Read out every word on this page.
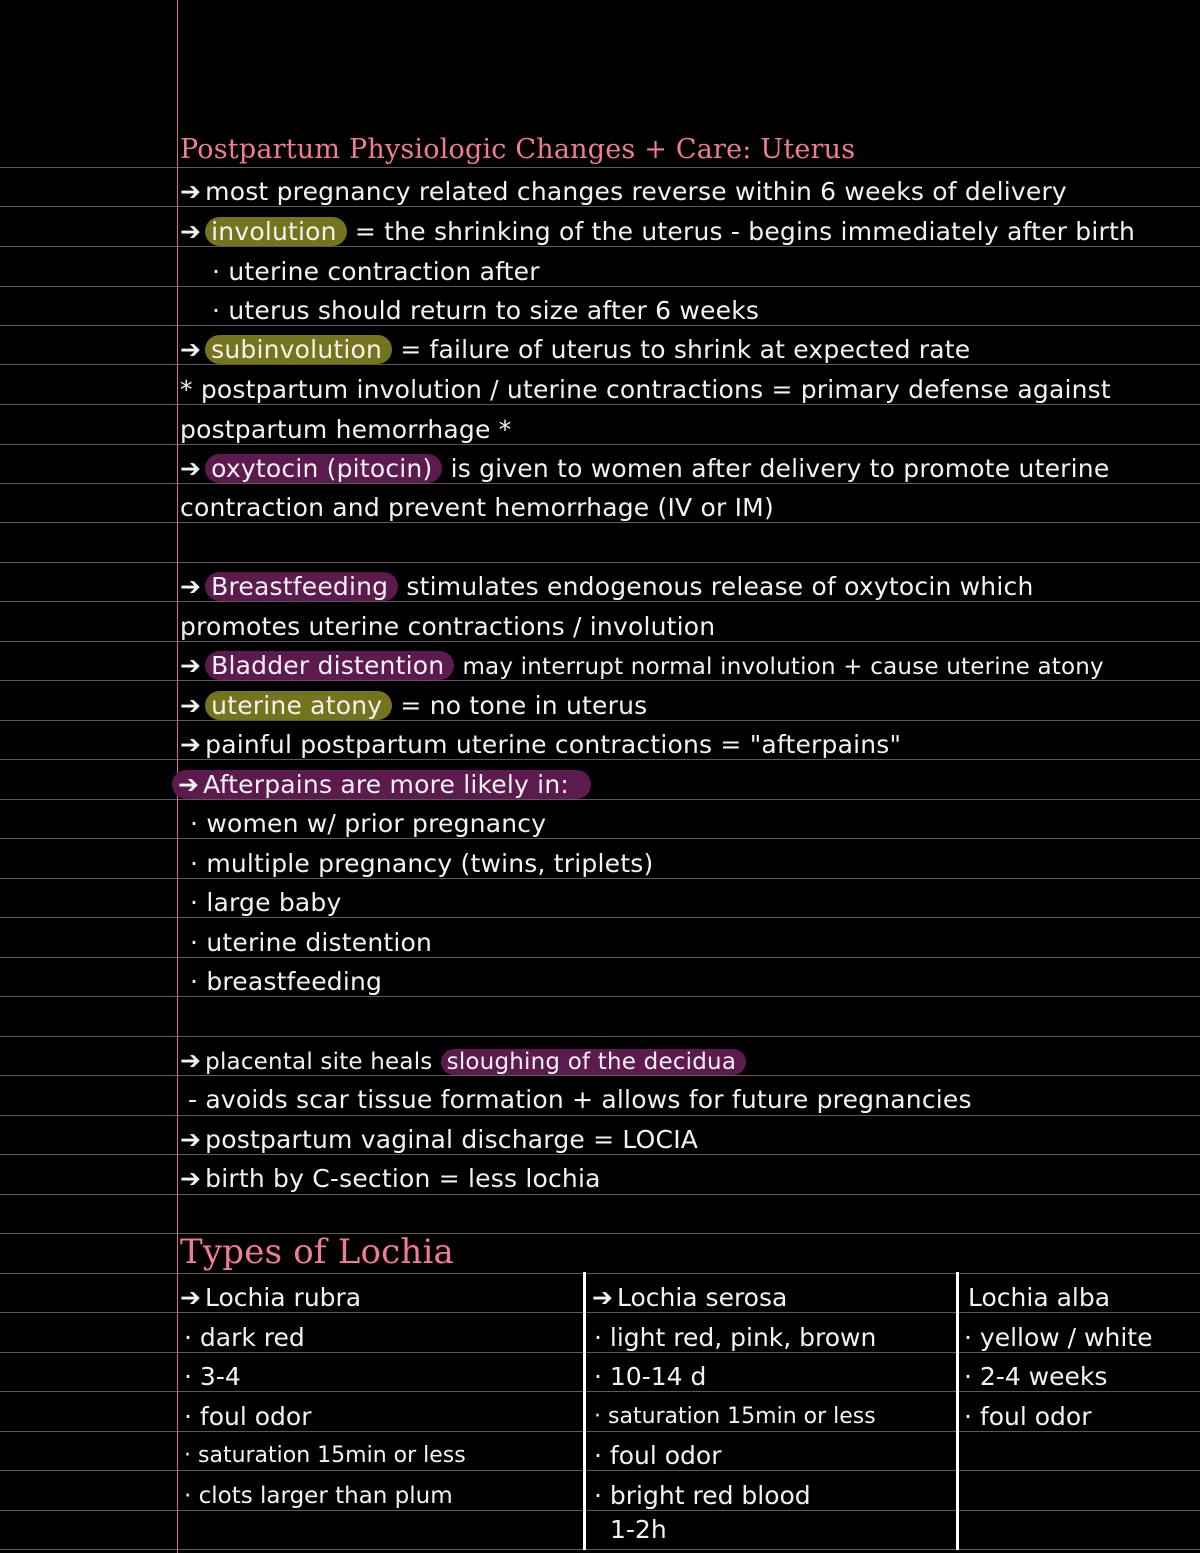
Postpartum Physiologic Changes + Care: Uterus
➔ most pregnancy related changes reverse within 6 weeks of delivery
➔ involution = the shrinking of the uterus - begins immediately after birth
· uterine contraction after
· uterus should return to size after 6 weeks
➔ subinvolution = failure of uterus to shrink at expected rate
* postpartum involution / uterine contractions = primary defense against
postpartum hemorrhage *
➔ oxytocin (pitocin) is given to women after delivery to promote uterine
contraction and prevent hemorrhage (IV or IM)
➔ Breastfeeding stimulates endogenous release of oxytocin which
promotes uterine contractions / involution
➔ Bladder distention may interrupt normal involution + cause uterine atony
➔ uterine atony = no tone in uterus
➔ painful postpartum uterine contractions = "afterpains"
➔ Afterpains are more likely in:
· women w/ prior pregnancy
· multiple pregnancy (twins, triplets)
· large baby
· uterine distention
· breastfeeding
➔ placental site heals sloughing of the decidua
- avoids scar tissue formation + allows for future pregnancies
➔ postpartum vaginal discharge = LOCIA
➔ birth by C-section = less lochia
Types of Lochia
➔ Lochia rubra
· dark red
· 3-4
· foul odor
· saturation 15min or less
· clots larger than plum
➔ Lochia serosa
· light red, pink, brown
· 10-14 d
· saturation 15min or less
· foul odor
· bright red blood
1-2h
Lochia alba
· yellow / white
· 2-4 weeks
· foul odor
